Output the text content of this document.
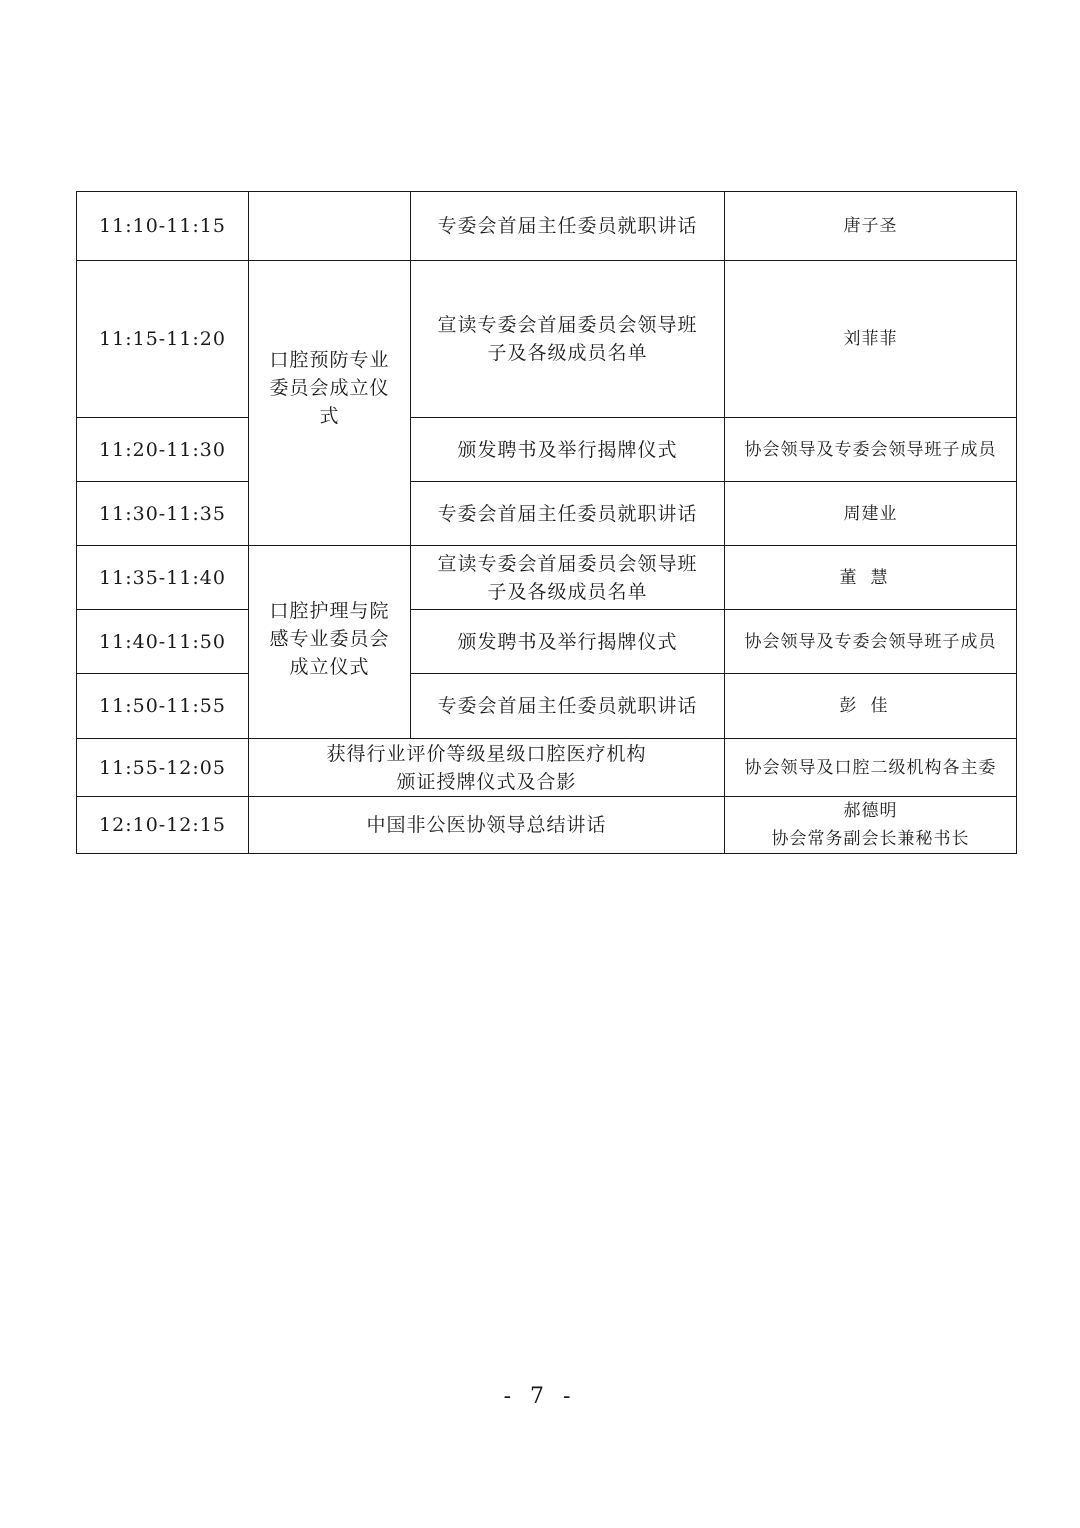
11:10-11:15		专委会首届主任委员就职讲话	唐子圣

11:15-11:20	口腔预防专业委员会成立仪式	宣读专委会首届委员会领导班
子及各级成员名单	刘菲菲

11:20-11:30		颁发聘书及举行揭牌仪式	协会领导及专委会领导班子成员

11:30-11:35		专委会首届主任委员就职讲话	周建业

11:35-11:40	口腔护理与院感专业委员会成立仪式	宣读专委会首届委员会领导班
子及各级成员名单	董慧

11:40-11:50		颁发聘书及举行揭牌仪式	协会领导及专委会领导班子成员

11:50-11:55		专委会首届主任委员就职讲话	彭佳

11:55-12:05	获得行业评价等级星级口腔医疗机构
颁证授牌仪式及合影		协会领导及口腔二级机构各主委

12:10-12:15	中国非公医协领导总结讲话		郝德明
协会常务副会长兼秘书长
- 7 -
